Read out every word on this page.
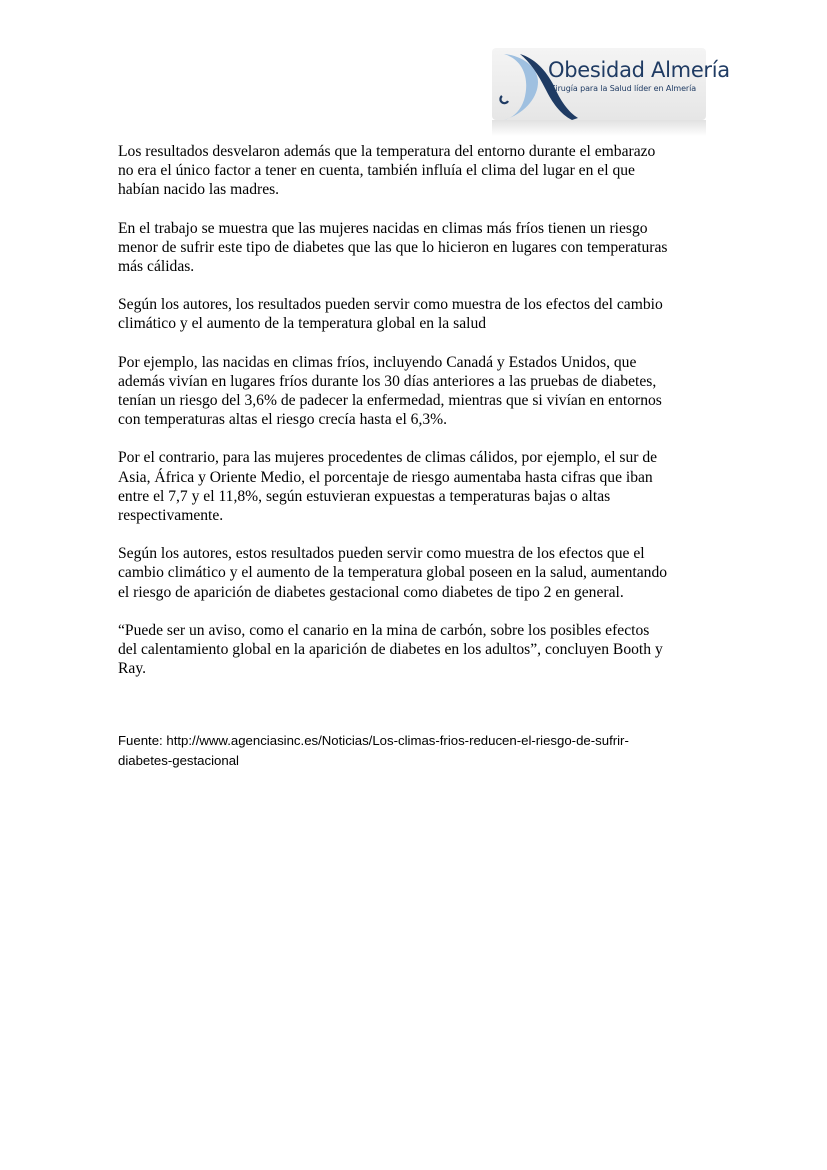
Obesidad Almería
Cirugía para la Salud líder en Almería

Los resultados desvelaron además que la temperatura del entorno durante el embarazo
no era el único factor a tener en cuenta, también influía el clima del lugar en el que
habían nacido las madres.

En el trabajo se muestra que las mujeres nacidas en climas más fríos tienen un riesgo
menor de sufrir este tipo de diabetes que las que lo hicieron en lugares con temperaturas
más cálidas.

Según los autores, los resultados pueden servir como muestra de los efectos del cambio
climático y el aumento de la temperatura global en la salud

Por ejemplo, las nacidas en climas fríos, incluyendo Canadá y Estados Unidos, que
además vivían en lugares fríos durante los 30 días anteriores a las pruebas de diabetes,
tenían un riesgo del 3,6% de padecer la enfermedad, mientras que si vivían en entornos
con temperaturas altas el riesgo crecía hasta el 6,3%.

Por el contrario, para las mujeres procedentes de climas cálidos, por ejemplo, el sur de
Asia, África y Oriente Medio, el porcentaje de riesgo aumentaba hasta cifras que iban
entre el 7,7 y el 11,8%, según estuvieran expuestas a temperaturas bajas o altas
respectivamente.

Según los autores, estos resultados pueden servir como muestra de los efectos que el
cambio climático y el aumento de la temperatura global poseen en la salud, aumentando
el riesgo de aparición de diabetes gestacional como diabetes de tipo 2 en general.

“Puede ser un aviso, como el canario en la mina de carbón, sobre los posibles efectos
del calentamiento global en la aparición de diabetes en los adultos”, concluyen Booth y
Ray.

Fuente: http://www.agenciasinc.es/Noticias/Los-climas-frios-reducen-el-riesgo-de-sufrir-
diabetes-gestacional
